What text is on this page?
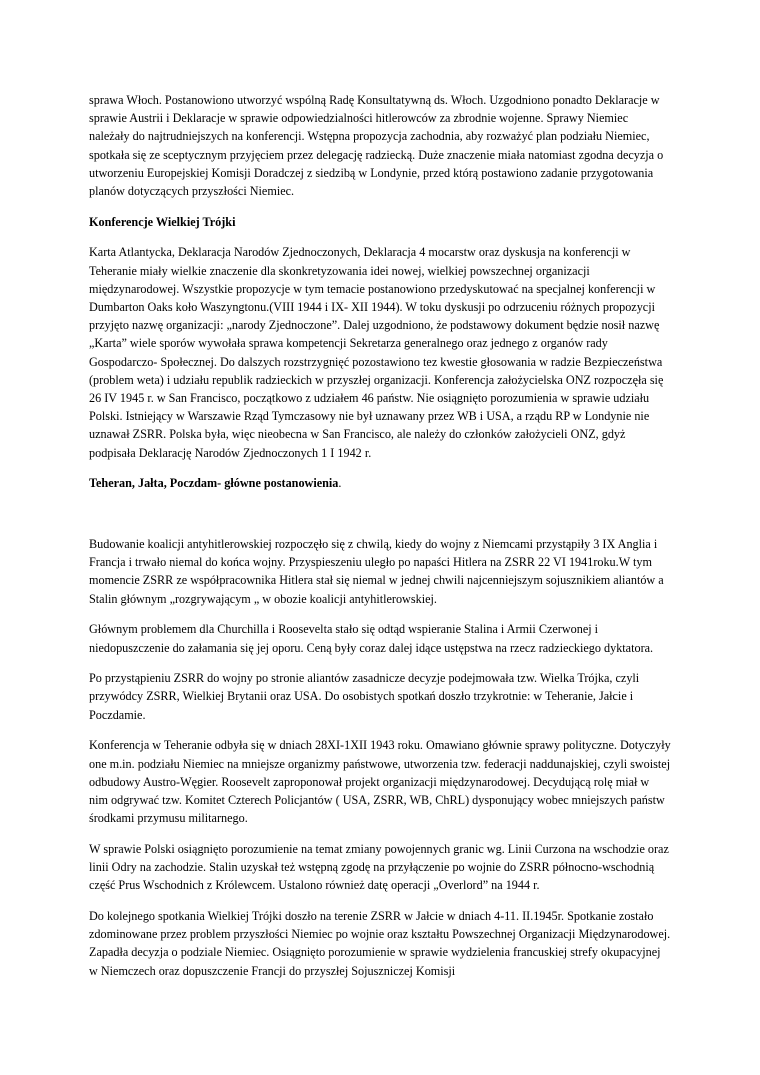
sprawa Włoch. Postanowiono utworzyć wspólną Radę Konsultatywną ds. Włoch. Uzgodniono ponadto Deklaracje w sprawie Austrii i Deklaracje w sprawie odpowiedzialności hitlerowców za zbrodnie wojenne. Sprawy Niemiec należały do najtrudniejszych na konferencji. Wstępna propozycja zachodnia, aby rozważyć plan podziału Niemiec, spotkała się ze sceptycznym przyjęciem przez delegację radziecką. Duże znaczenie miała natomiast zgodna decyzja o utworzeniu Europejskiej Komisji Doradczej z siedzibą w Londynie, przed którą postawiono zadanie przygotowania planów dotyczących przyszłości Niemiec.

Konferencje Wielkiej Trójki

Karta Atlantycka, Deklaracja Narodów Zjednoczonych, Deklaracja 4 mocarstw oraz dyskusja na konferencji w Teheranie miały wielkie znaczenie dla skonkretyzowania idei nowej, wielkiej powszechnej organizacji międzynarodowej. Wszystkie propozycje w tym temacie postanowiono przedyskutować na specjalnej konferencji w Dumbarton Oaks koło Waszyngtonu.(VIII 1944 i IX- XII 1944). W toku dyskusji po odrzuceniu różnych propozycji przyjęto nazwę organizacji: „narody Zjednoczone”. Dalej uzgodniono, że podstawowy dokument będzie nosił nazwę „Karta” wiele sporów wywołała sprawa kompetencji Sekretarza generalnego oraz jednego z organów rady Gospodarczo- Społecznej. Do dalszych rozstrzygnięć pozostawiono tez kwestie głosowania w radzie Bezpieczeństwa (problem weta) i udziału republik radzieckich w przyszłej organizacji. Konferencja założycielska ONZ rozpoczęła się 26 IV 1945 r. w San Francisco, początkowo z udziałem 46 państw. Nie osiągnięto porozumienia w sprawie udziału Polski. Istniejący w Warszawie Rząd Tymczasowy nie był uznawany przez WB i USA, a rządu RP w Londynie nie uznawał ZSRR. Polska była, więc nieobecna w San Francisco, ale należy do członków założycieli ONZ, gdyż podpisała Deklarację Narodów Zjednoczonych 1 I 1942 r.

Teheran, Jałta, Poczdam- główne postanowienia.

Budowanie koalicji antyhitlerowskiej rozpoczęło się z chwilą, kiedy do wojny z Niemcami przystąpiły 3 IX Anglia i Francja i trwało niemal do końca wojny. Przyspieszeniu uległo po napaści Hitlera na ZSRR 22 VI 1941roku.W tym momencie ZSRR ze współpracownika Hitlera stał się niemal w jednej chwili najcenniejszym sojusznikiem aliantów a Stalin głównym „rozgrywającym „ w obozie koalicji antyhitlerowskiej.

Głównym problemem dla Churchilla i Roosevelta stało się odtąd wspieranie Stalina i Armii Czerwonej i niedopuszczenie do załamania się jej oporu. Ceną były coraz dalej idące ustępstwa na rzecz radzieckiego dyktatora.

Po przystąpieniu ZSRR do wojny po stronie aliantów zasadnicze decyzje podejmowała tzw. Wielka Trójka, czyli przywódcy ZSRR, Wielkiej Brytanii oraz USA. Do osobistych spotkań doszło trzykrotnie: w Teheranie, Jałcie i Poczdamie.

Konferencja w Teheranie odbyła się w dniach 28XI-1XII 1943 roku. Omawiano głównie sprawy polityczne. Dotyczyły one m.in. podziału Niemiec na mniejsze organizmy państwowe, utworzenia tzw. federacji naddunajskiej, czyli swoistej odbudowy Austro-Węgier. Roosevelt zaproponował projekt organizacji międzynarodowej. Decydującą rolę miał w nim odgrywać tzw. Komitet Czterech Policjantów ( USA, ZSRR, WB, ChRL) dysponujący wobec mniejszych państw środkami przymusu militarnego.

W sprawie Polski osiągnięto porozumienie na temat zmiany powojennych granic wg. Linii Curzona na wschodzie oraz linii Odry na zachodzie. Stalin uzyskał też wstępną zgodę na przyłączenie po wojnie do ZSRR północno-wschodnią część Prus Wschodnich z Królewcem. Ustalono również datę operacji „Overlord” na 1944 r.

Do kolejnego spotkania Wielkiej Trójki doszło na terenie ZSRR w Jałcie w dniach 4-11. II.1945r. Spotkanie zostało zdominowane przez problem przyszłości Niemiec po wojnie oraz kształtu Powszechnej Organizacji Międzynarodowej. Zapadła decyzja o podziale Niemiec. Osiągnięto porozumienie w sprawie wydzielenia francuskiej strefy okupacyjnej w Niemczech oraz dopuszczenie Francji do przyszłej Sojuszniczej Komisji
